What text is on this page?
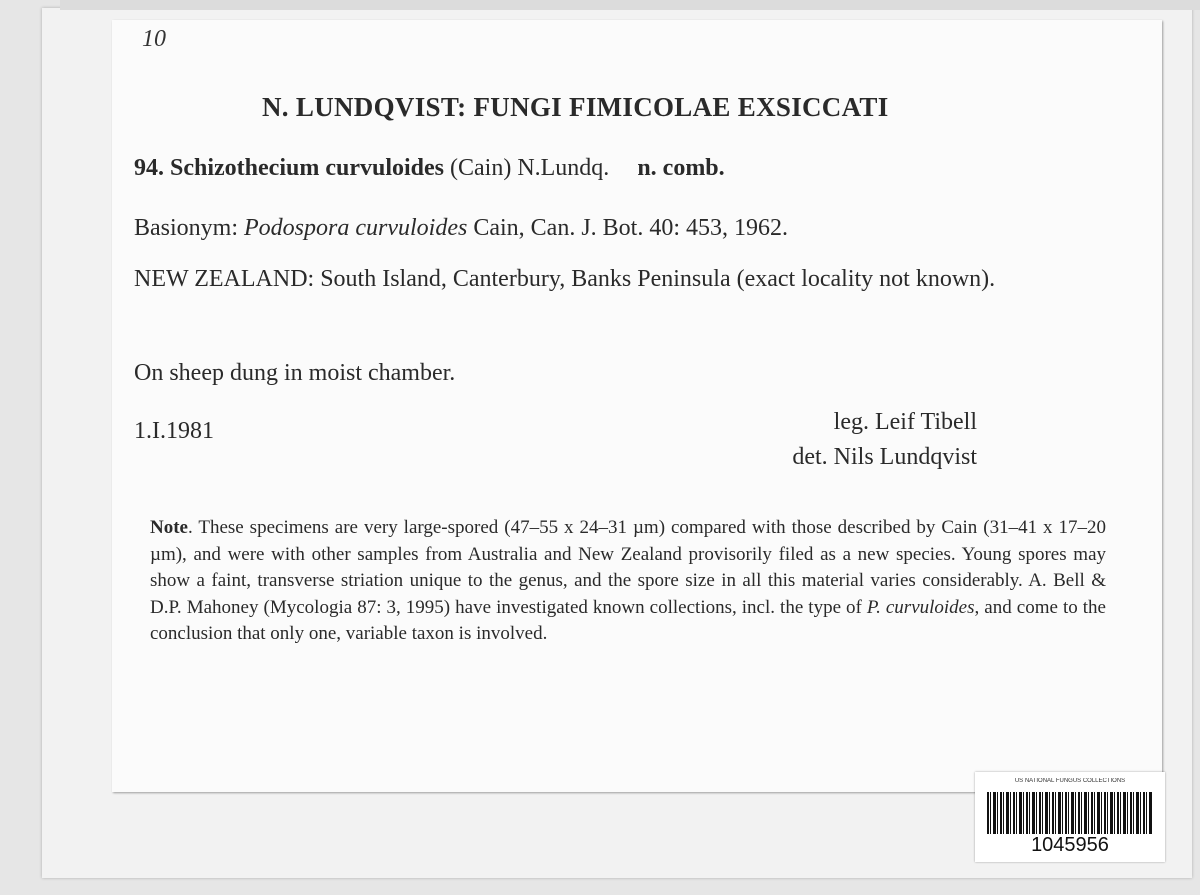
10
N. LUNDQVIST: FUNGI FIMICOLAE EXSICCATI
94. Schizothecium curvuloides (Cain) N.Lundq. n. comb.
Basionym: Podospora curvuloides Cain, Can. J. Bot. 40: 453, 1962.
NEW ZEALAND: South Island, Canterbury, Banks Peninsula (exact locality not known).
On sheep dung in moist chamber.
1.I.1981	leg. Leif Tibell
det. Nils Lundqvist
Note. These specimens are very large-spored (47–55 x 24–31 µm) compared with those described by Cain (31–41 x 17–20 µm), and were with other samples from Australia and New Zealand provisorily filed as a new species. Young spores may show a faint, transverse striation unique to the genus, and the spore size in all this material varies considerably. A. Bell & D.P. Mahoney (Mycologia 87: 3, 1995) have investigated known collections, incl. the type of P. curvuloides, and come to the conclusion that only one, variable taxon is involved.
US NATIONAL FUNGUS COLLECTIONS
1045956
